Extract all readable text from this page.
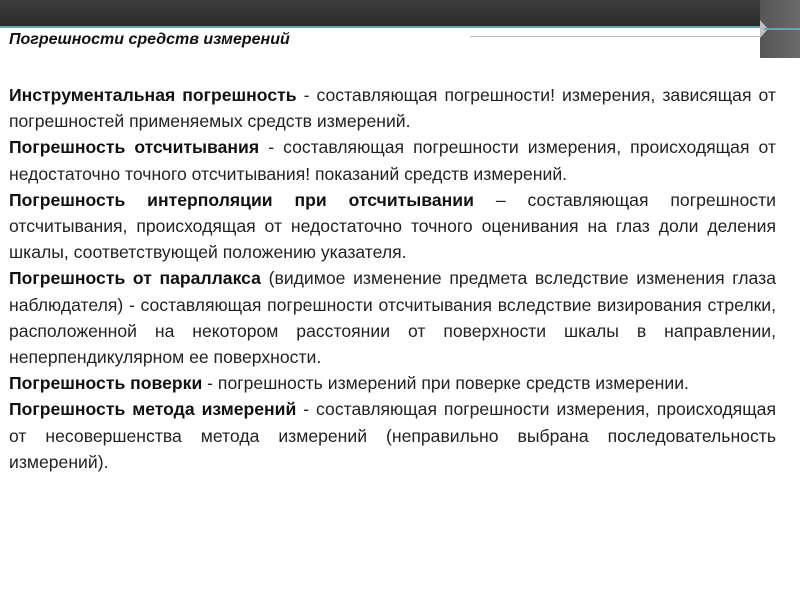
Погрешности средств измерений

Инструментальная погрешность - составляющая погрешности! измерения, зависящая от погрешностей применяемых средств измерений.

Погрешность отсчитывания - составляющая погрешности измерения, происходящая от недостаточно точного отсчитывания! показаний средств измерений.

Погрешность интерполяции при отсчитывании – составляющая погрешности отсчитывания, происходящая от недостаточно точного оценивания на глаз доли деления шкалы, соответствующей положению указателя.

Погрешность от параллакса (видимое изменение предмета вследствие изменения глаза наблюдателя) - составляющая погрешности отсчитывания вследствие визирования стрелки, расположенной на некотором расстоянии от поверхности шкалы в направлении, неперпендикулярном ее поверхности.

Погрешность поверки - погрешность измерений при поверке средств измерении.

Погрешность метода измерений - составляющая погрешности измерения, происходящая от несовершенства метода измерений (неправильно выбрана последовательность измерений).
